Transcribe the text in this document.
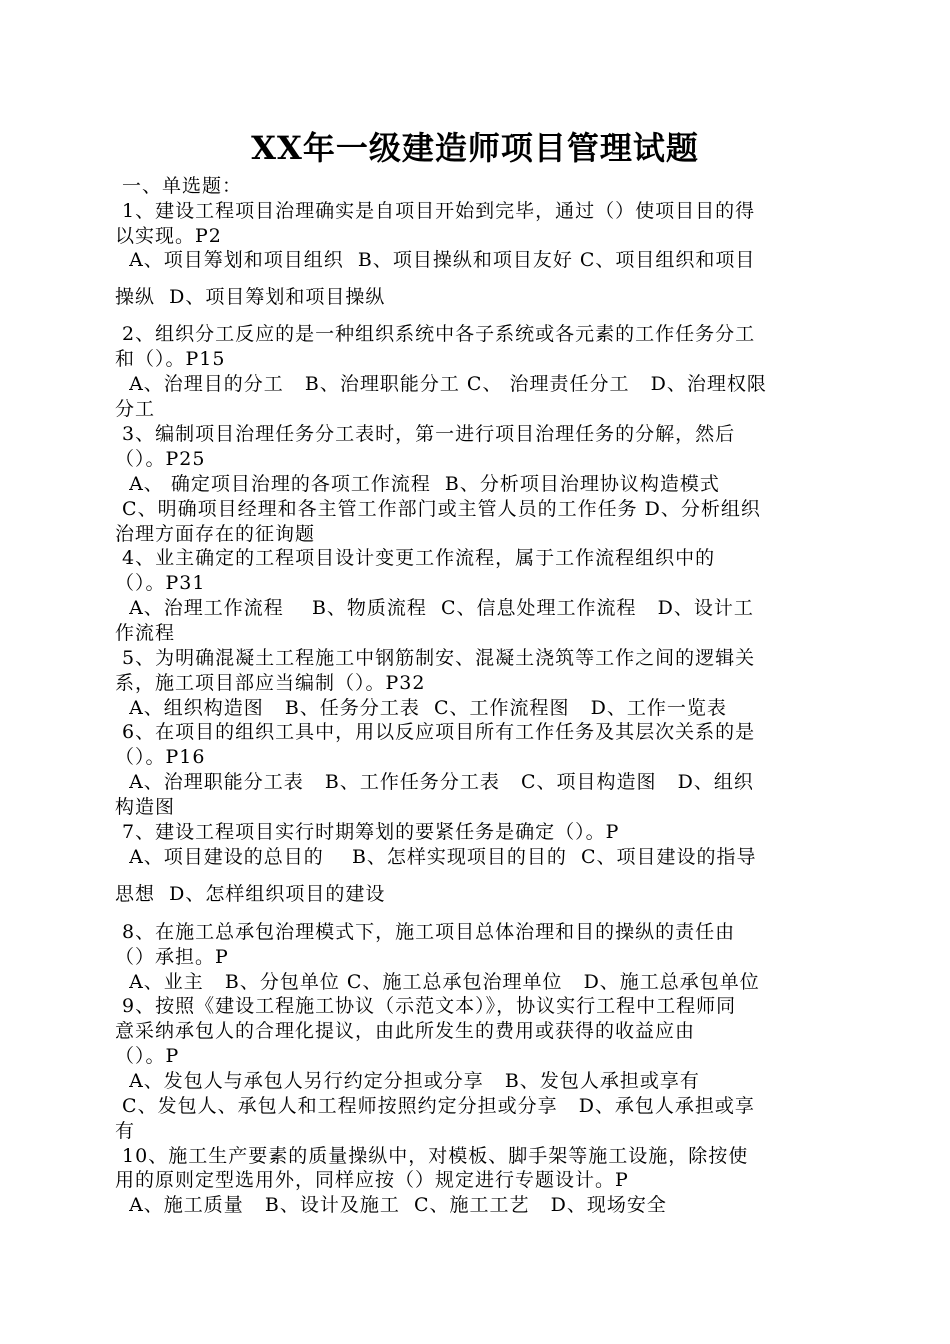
XX年一级建造师项目管理试题
一、单选题：
1、建设工程项目治理确实是自项目开始到完毕，通过（）使项目目的得
以实现。P2
A、项目筹划和项目组织  B、项目操纵和项目友好 C、项目组织和项目
操纵  D、项目筹划和项目操纵
2、组织分工反应的是一种组织系统中各子系统或各元素的工作任务分工
和（）。P15
A、治理目的分工   B、治理职能分工 C、 治理责任分工   D、治理权限
分工
3、编制项目治理任务分工表时，第一进行项目治理任务的分解，然后
（）。P25
A、 确定项目治理的各项工作流程  B、分析项目治理协议构造模式
C、明确项目经理和各主管工作部门或主管人员的工作任务 D、分析组织
治理方面存在的征询题
4、业主确定的工程项目设计变更工作流程，属于工作流程组织中的
（）。P31
A、治理工作流程    B、物质流程  C、信息处理工作流程   D、设计工
作流程
5、为明确混凝土工程施工中钢筋制安、混凝土浇筑等工作之间的逻辑关
系，施工项目部应当编制（）。P32
A、组织构造图   B、任务分工表  C、工作流程图   D、工作一览表
6、在项目的组织工具中，用以反应项目所有工作任务及其层次关系的是
（）。P16
A、治理职能分工表   B、工作任务分工表   C、项目构造图   D、组织
构造图
7、建设工程项目实行时期筹划的要紧任务是确定（）。P
A、项目建设的总目的    B、怎样实现项目的目的  C、项目建设的指导
思想  D、怎样组织项目的建设
8、在施工总承包治理模式下，施工项目总体治理和目的操纵的责任由
（）承担。P
A、业主   B、分包单位 C、施工总承包治理单位   D、施工总承包单位
9、按照《建设工程施工协议（示范文本）》，协议实行工程中工程师同
意采纳承包人的合理化提议，由此所发生的费用或获得的收益应由
（）。P
A、发包人与承包人另行约定分担或分享   B、发包人承担或享有
C、发包人、承包人和工程师按照约定分担或分享   D、承包人承担或享
有
10、施工生产要素的质量操纵中，对模板、脚手架等施工设施，除按使
用的原则定型选用外，同样应按（）规定进行专题设计。P
A、施工质量   B、设计及施工  C、施工工艺   D、现场安全
